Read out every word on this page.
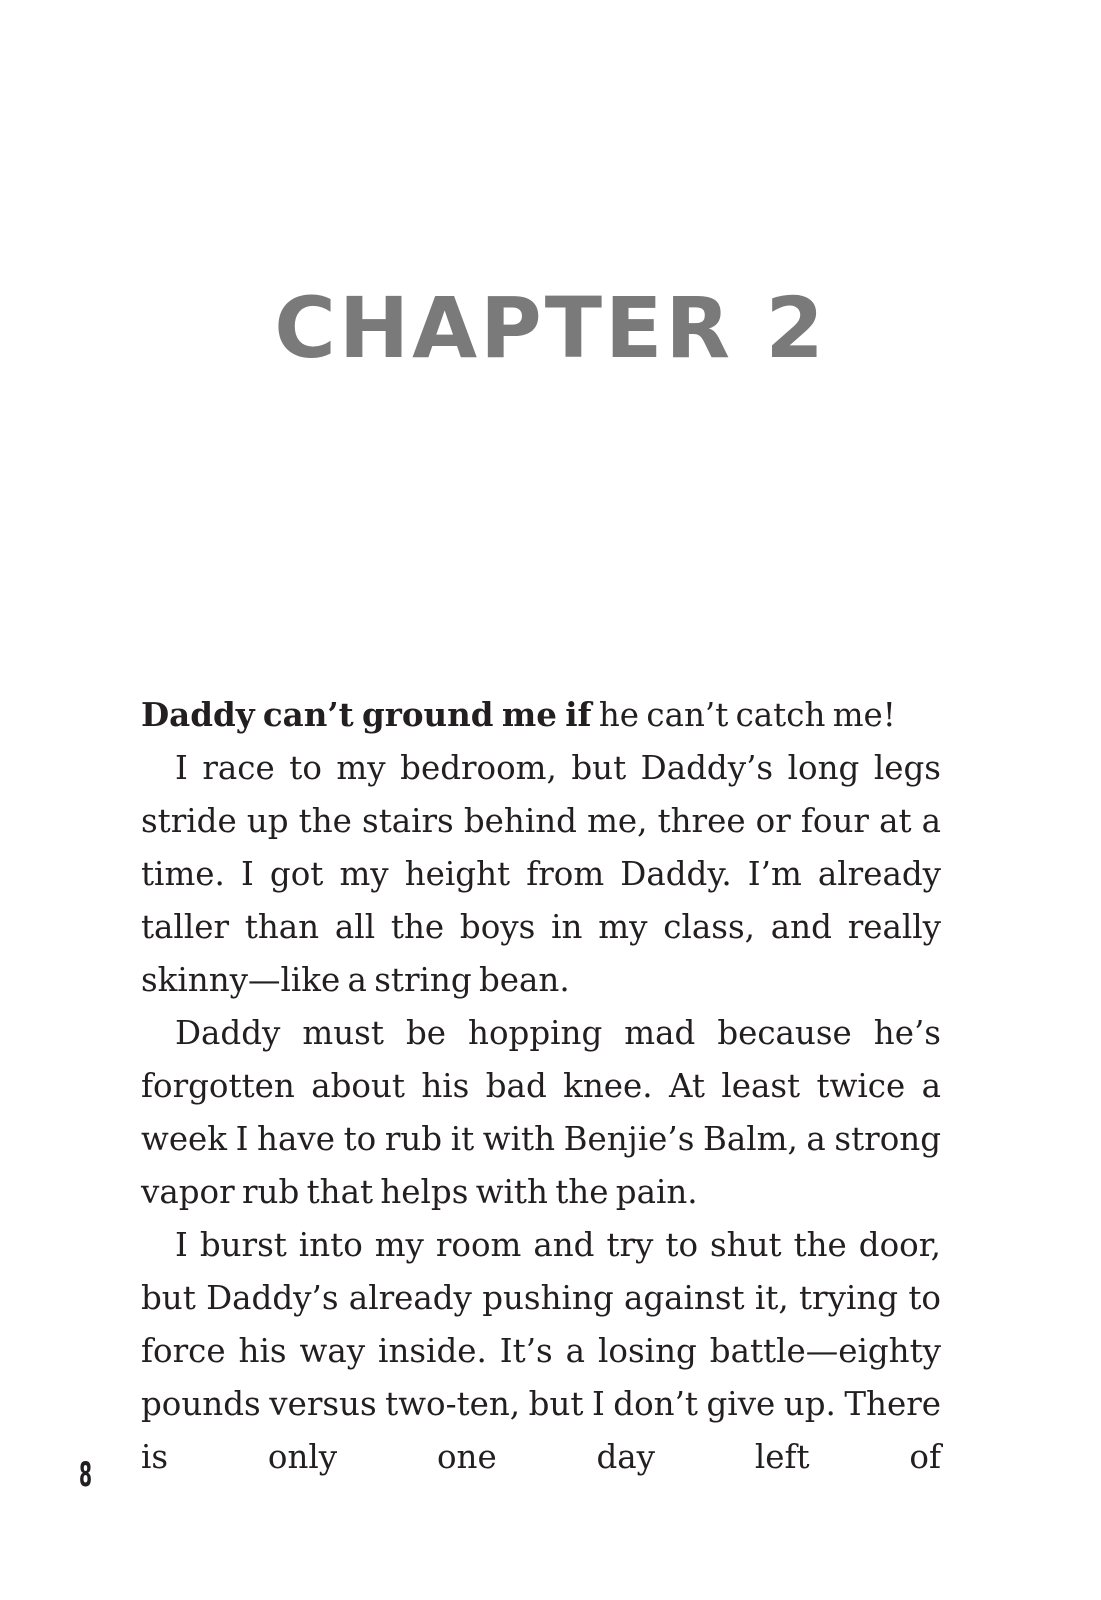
CHAPTER 2

Daddy can’t ground me if he can’t catch me!

I race to my bedroom, but Daddy’s long legs stride up the stairs behind me, three or four at a time. I got my height from Daddy. I’m already taller than all the boys in my class, and really skinny—like a string bean.

Daddy must be hopping mad because he’s forgotten about his bad knee. At least twice a week I have to rub it with Benjie’s Balm, a strong vapor rub that helps with the pain.

I burst into my room and try to shut the door, but Daddy’s already pushing against it, trying to force his way inside. It’s a losing battle—eighty pounds versus two-ten, but I don’t give up. There is only one day left of

8
